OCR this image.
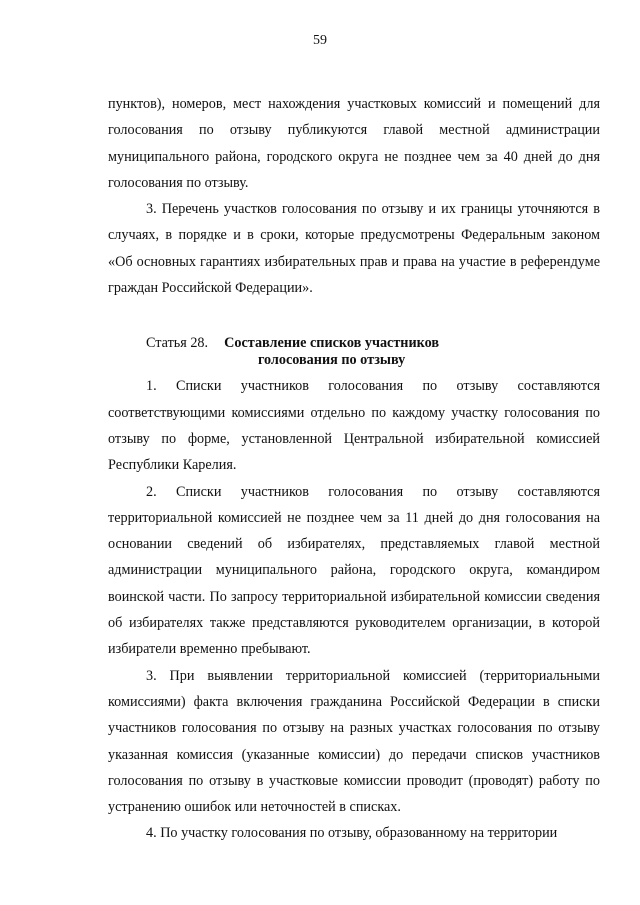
59

пунктов), номеров, мест нахождения участковых комиссий и помещений для голосования по отзыву публикуются главой местной администрации муниципального района, городского округа не позднее чем за 40 дней до дня голосования по отзыву.

3. Перечень участков голосования по отзыву и их границы уточняются в случаях, в порядке и в сроки, которые предусмотрены Федеральным законом «Об основных гарантиях избирательных прав и права на участие в референдуме граждан Российской Федерации».

Статья 28. Составление списков участников голосования по отзыву

1. Списки участников голосования по отзыву составляются соответствующими комиссиями отдельно по каждому участку голосования по отзыву по форме, установленной Центральной избирательной комиссией Республики Карелия.

2. Списки участников голосования по отзыву составляются территориальной комиссией не позднее чем за 11 дней до дня голосования на основании сведений об избирателях, представляемых главой местной администрации муниципального района, городского округа, командиром воинской части. По запросу территориальной избирательной комиссии сведения об избирателях также представляются руководителем организации, в которой избиратели временно пребывают.

3. При выявлении территориальной комиссией (территориальными комиссиями) факта включения гражданина Российской Федерации в списки участников голосования по отзыву на разных участках голосования по отзыву указанная комиссия (указанные комиссии) до передачи списков участников голосования по отзыву в участковые комиссии проводит (проводят) работу по устранению ошибок или неточностей в списках.

4. По участку голосования по отзыву, образованному на территории
